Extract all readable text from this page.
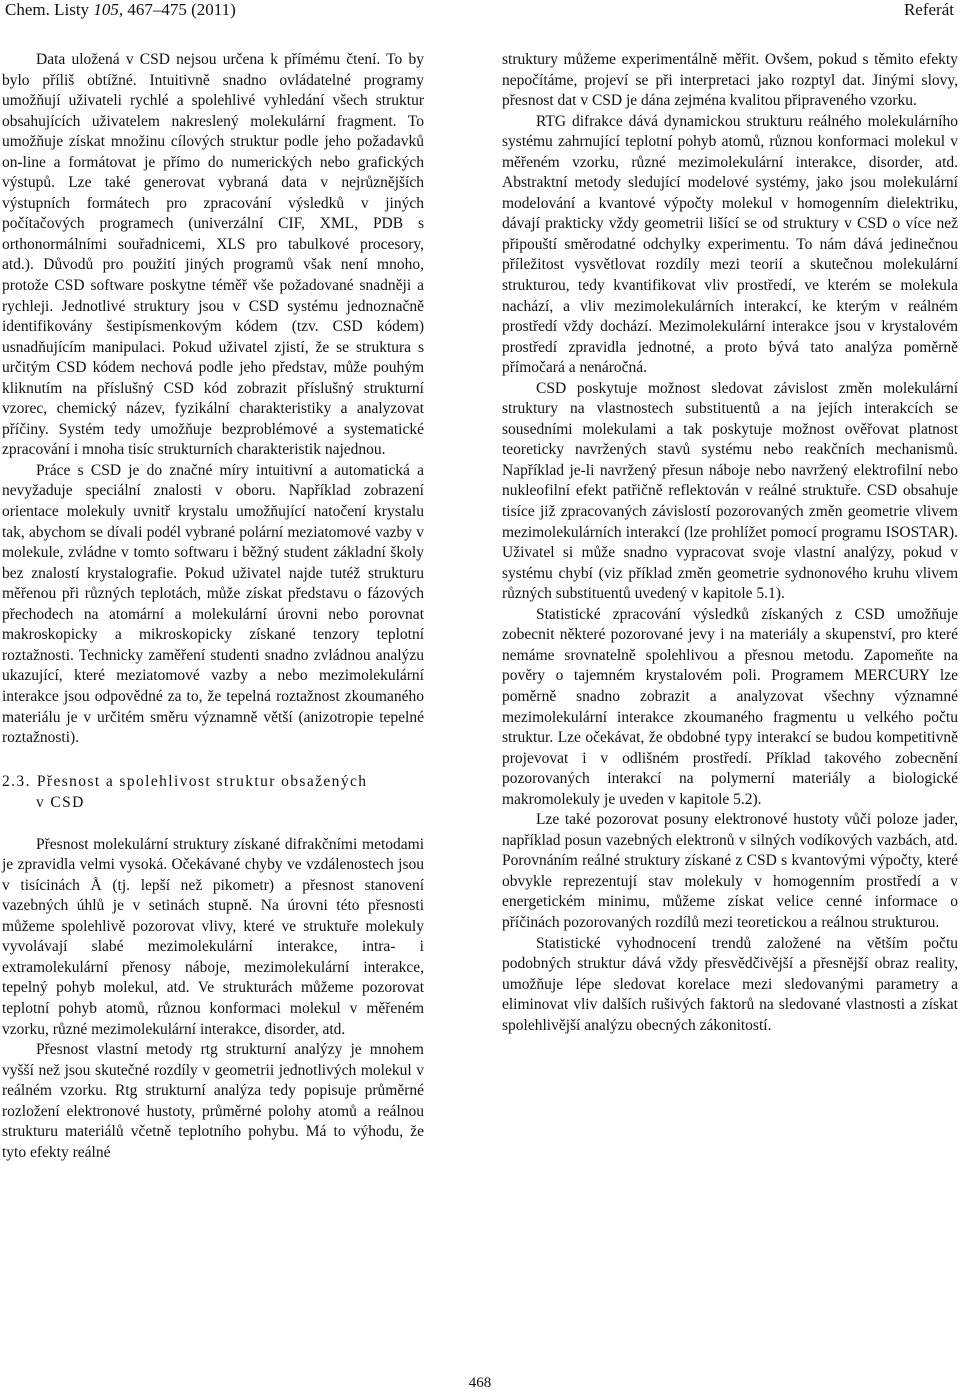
Chem. Listy 105, 467–475 (2011)	Referát

Data uložená v CSD nejsou určena k přímému čtení. To by bylo příliš obtížné. Intuitivně snadno ovládatelné programy umožňují uživateli rychlé a spolehlivé vyhledání všech struktur obsahujících uživatelem nakreslený molekulární fragment. To umožňuje získat množinu cílových struktur podle jeho požadavků on-line a formátovat je přímo do numerických nebo grafických výstupů. Lze také generovat vybraná data v nejrůznějších výstupních formátech pro zpracování výsledků v jiných počítačových programech (univerzální CIF, XML, PDB s orthonormálními souřadnicemi, XLS pro tabulkové procesory, atd.). Důvodů pro použití jiných programů však není mnoho, protože CSD software poskytne téměř vše požadované snadněji a rychleji. Jednotlivé struktury jsou v CSD systému jednoznačně identifikovány šestipísmenkovým kódem (tzv. CSD kódem) usnadňujícím manipulaci. Pokud uživatel zjistí, že se struktura s určitým CSD kódem nechová podle jeho představ, může pouhým kliknutím na příslušný CSD kód zobrazit příslušný strukturní vzorec, chemický název, fyzikální charakteristiky a analyzovat příčiny. Systém tedy umožňuje bezproblémové a systematické zpracování i mnoha tisíc strukturních charakteristik najednou.

Práce s CSD je do značné míry intuitivní a automatická a nevyžaduje speciální znalosti v oboru. Například zobrazení orientace molekuly uvnitř krystalu umožňující natočení krystalu tak, abychom se dívali podél vybrané polární meziatomové vazby v molekule, zvládne v tomto softwaru i běžný student základní školy bez znalostí krystalografie. Pokud uživatel najde tutéž strukturu měřenou při různých teplotách, může získat představu o fázových přechodech na atomární a molekulární úrovni nebo porovnat makroskopicky a mikroskopicky získané tenzory teplotní roztažnosti. Technicky zaměření studenti snadno zvládnou analýzu ukazující, které meziatomové vazby a nebo mezimolekulární interakce jsou odpovědné za to, že tepelná roztažnost zkoumaného materiálu je v určitém směru významně větší (anizotropie tepelné roztažnosti).

2.3. Přesnost a spolehlivost struktur obsažených
v CSD

Přesnost molekulární struktury získané difrakčními metodami je zpravidla velmi vysoká. Očekávané chyby ve vzdálenostech jsou v tisícinách Å (tj. lepší než pikometr) a přesnost stanovení vazebných úhlů je v setinách stupně. Na úrovni této přesnosti můžeme spolehlivě pozorovat vlivy, které ve struktuře molekuly vyvolávají slabé mezimolekulární interakce, intra- i extramolekulární přenosy náboje, mezimolekulární interakce, tepelný pohyb molekul, atd. Ve strukturách můžeme pozorovat teplotní pohyb atomů, různou konformaci molekul v měřeném vzorku, různé mezimolekulární interakce, disorder, atd.

Přesnost vlastní metody rtg strukturní analýzy je mnohem vyšší než jsou skutečné rozdíly v geometrii jednotlivých molekul v reálném vzorku. Rtg strukturní analýza tedy popisuje průměrné rozložení elektronové hustoty, průměrné polohy atomů a reálnou strukturu materiálů včetně teplotního pohybu. Má to výhodu, že tyto efekty reálné

struktury můžeme experimentálně měřit. Ovšem, pokud s těmito efekty nepočítáme, projeví se při interpretaci jako rozptyl dat. Jinými slovy, přesnost dat v CSD je dána zejména kvalitou připraveného vzorku.

RTG difrakce dává dynamickou strukturu reálného molekulárního systému zahrnující teplotní pohyb atomů, různou konformaci molekul v měřeném vzorku, různé mezimolekulární interakce, disorder, atd. Abstraktní metody sledující modelové systémy, jako jsou molekulární modelování a kvantové výpočty molekul v homogenním dielektriku, dávají prakticky vždy geometrii lišící se od struktury v CSD o více než připouští směrodatné odchylky experimentu. To nám dává jedinečnou příležitost vysvětlovat rozdíly mezi teorií a skutečnou molekulární strukturou, tedy kvantifikovat vliv prostředí, ve kterém se molekula nachází, a vliv mezimolekulárních interakcí, ke kterým v reálném prostředí vždy dochází. Mezimolekulární interakce jsou v krystalovém prostředí zpravidla jednotné, a proto bývá tato analýza poměrně přímočará a nenáročná.

CSD poskytuje možnost sledovat závislost změn molekulární struktury na vlastnostech substituentů a na jejích interakcích se sousedními molekulami a tak poskytuje možnost ověřovat platnost teoreticky navržených stavů systému nebo reakčních mechanismů. Například je-li navržený přesun náboje nebo navržený elektrofilní nebo nukleofilní efekt patřičně reflektován v reálné struktuře. CSD obsahuje tisíce již zpracovaných závislostí pozorovaných změn geometrie vlivem mezimolekulárních interakcí (lze prohlížet pomocí programu ISOSTAR). Uživatel si může snadno vypracovat svoje vlastní analýzy, pokud v systému chybí (viz příklad změn geometrie sydnonového kruhu vlivem různých substituentů uvedený v kapitole 5.1).

Statistické zpracování výsledků získaných z CSD umožňuje zobecnit některé pozorované jevy i na materiály a skupenství, pro které nemáme srovnatelně spolehlivou a přesnou metodu. Zapomeňte na pověry o tajemném krystalovém poli. Programem MERCURY lze poměrně snadno zobrazit a analyzovat všechny významné mezimolekulární interakce zkoumaného fragmentu u velkého počtu struktur. Lze očekávat, že obdobné typy interakcí se budou kompetitivně projevovat i v odlišném prostředí. Příklad takového zobecnění pozorovaných interakcí na polymerní materiály a biologické makromolekuly je uveden v kapitole 5.2).

Lze také pozorovat posuny elektronové hustoty vůči poloze jader, například posun vazebných elektronů v silných vodíkových vazbách, atd. Porovnáním reálné struktury získané z CSD s kvantovými výpočty, které obvykle reprezentují stav molekuly v homogenním prostředí a v energetickém minimu, můžeme získat velice cenné informace o příčinách pozorovaných rozdílů mezi teoretickou a reálnou strukturou.

Statistické vyhodnocení trendů založené na větším počtu podobných struktur dává vždy přesvědčivější a přesnější obraz reality, umožňuje lépe sledovat korelace mezi sledovanými parametry a eliminovat vliv dalších rušivých faktorů na sledované vlastnosti a získat spolehlivější analýzu obecných zákonitostí.

468
